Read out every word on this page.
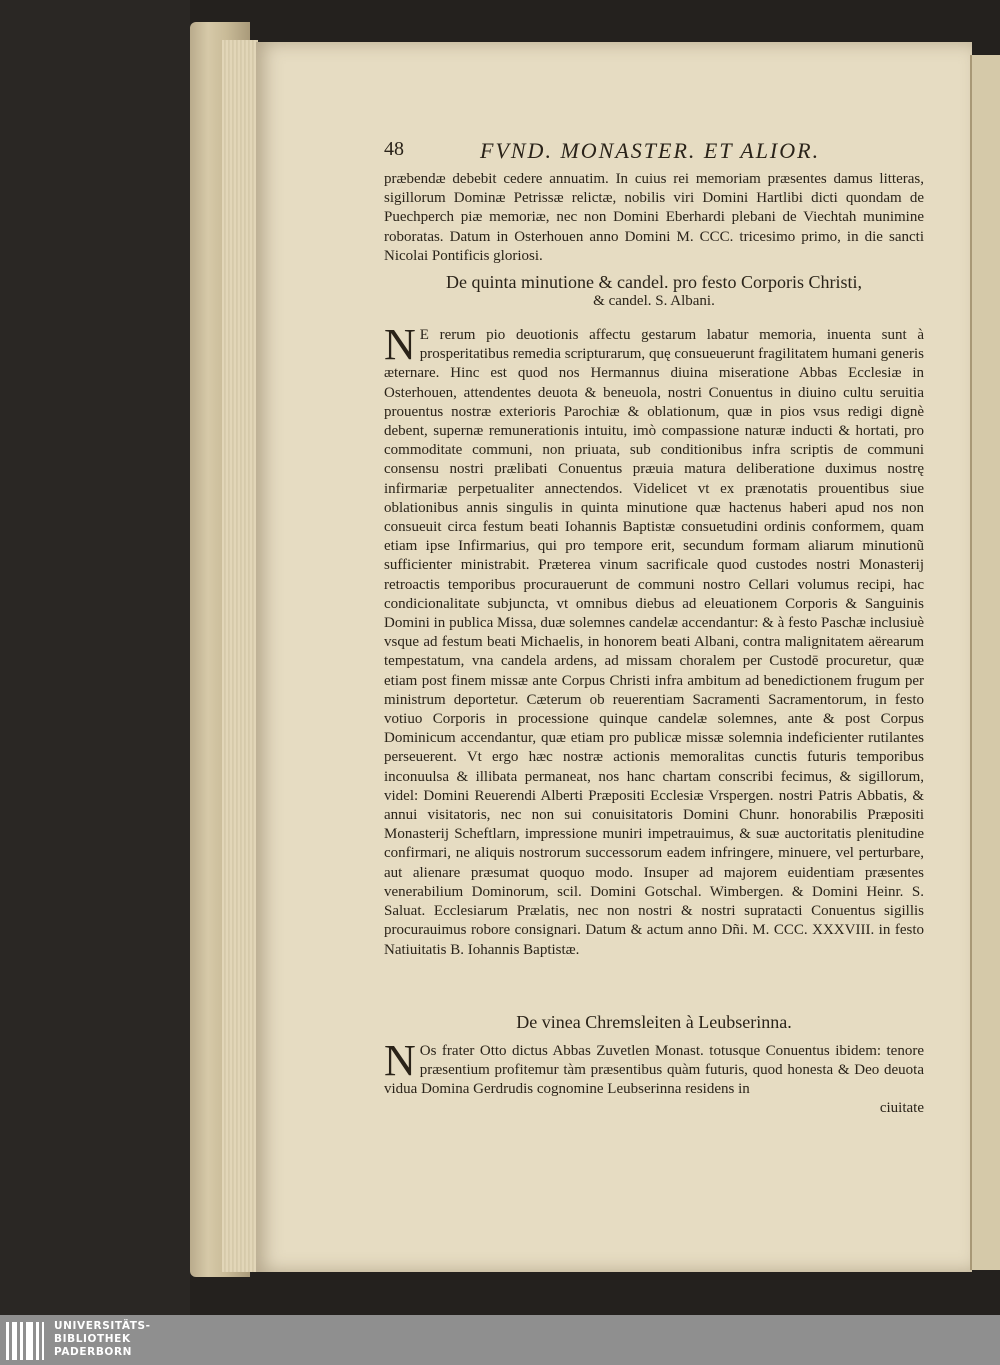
48	FVND. MONASTER. ET ALIOR.

præbendæ debebit cedere annuatim. In cuius rei memoriam præsentes damus litteras, sigillorum Dominæ Petrissæ relictæ, nobilis viri Domini Hartlibi dicti quondam de Puechperch piæ memoriæ, nec non Domini Eberhardi plebani de Viechtah munimine roboratas. Datum in Osterhouen anno Domini M. CCC. tricesimo primo, in die sancti Nicolai Pontificis gloriosi.

De quinta minutione & candel. pro festo Corporis Christi,

& candel. S. Albani.

N E rerum pio deuotionis affectu gestarum labatur memoria, inuenta sunt à prosperitatibus remedia scripturarum, quę consueuerunt fragilitatem humani generis æternare. Hinc est quod nos Hermannus diuina miseratione Abbas Ecclesiæ in Osterhouen, attendentes deuota & beneuola, nostri Conuentus in diuino cultu seruitia prouentus nostræ exterioris Parochiæ & oblationum, quæ in pios vsus redigi dignè debent, supernæ remunerationis intuitu, imò compassione naturæ inducti & hortati, pro commoditate communi, non priuata, sub conditionibus infra scriptis de communi consensu nostri prælibati Conuentus præuia matura deliberatione duximus nostrę infirmariæ perpetualiter annectendos. Videlicet vt ex prænotatis prouentibus siue oblationibus annis singulis in quinta minutione quæ hactenus haberi apud nos non consueuit circa festum beati Iohannis Baptistæ consuetudini ordinis conformem, quam etiam ipse Infirmarius, qui pro tempore erit, secundum formam aliarum minutionũ sufficienter ministrabit. Præterea vinum sacrificale quod custodes nostri Monasterij retroactis temporibus procurauerunt de communi nostro Cellari volumus recipi, hac condicionalitate subjuncta, vt omnibus diebus ad eleuationem Corporis & Sanguinis Domini in publica Missa, duæ solemnes candelæ accendantur: & à festo Paschæ inclusiuè vsque ad festum beati Michaelis, in honorem beati Albani, contra malignitatem aërearum tempestatum, vna candela ardens, ad missam choralem per Custodē procuretur, quæ etiam post finem missæ ante Corpus Christi infra ambitum ad benedictionem frugum per ministrum deportetur. Cæterum ob reuerentiam Sacramenti Sacramentorum, in festo votiuo Corporis in processione quinque candelæ solemnes, ante & post Corpus Dominicum accendantur, quæ etiam pro publicæ missæ solemnia indeficienter rutilantes perseuerent. Vt ergo hæc nostræ actionis memoralitas cunctis futuris temporibus inconuulsa & illibata permaneat, nos hanc chartam conscribi fecimus, & sigillorum, videl: Domini Reuerendi Alberti Præpositi Ecclesiæ Vrspergen. nostri Patris Abbatis, & annui visitatoris, nec non sui conuisitatoris Domini Chunr. honorabilis Præpositi Monasterij Scheftlarn, impressione muniri impetrauimus, & suæ auctoritatis plenitudine confirmari, ne aliquis nostrorum successorum eadem infringere, minuere, vel perturbare, aut alienare præsumat quoquo modo. Insuper ad majorem euidentiam præsentes venerabilium Dominorum, scil. Domini Gotschal. Wimbergen. & Domini Heinr. S. Saluat. Ecclesiarum Prælatis, nec non nostri & nostri supratacti Conuentus sigillis procurauimus robore consignari. Datum & actum anno Dñi. M. CCC. XXXVIII. in festo Natiuitatis B. Iohannis Baptistæ.

De vinea Chremsleiten à Leubserinna.

N Os frater Otto dictus Abbas Zuvetlen Monast. totusque Conuentus ibidem: tenore præsentium profitemur tàm præsentibus quàm futuris, quod honesta & Deo deuota vidua Domina Gerdrudis cognomine Leubserinna residens in

ciuitate
UNIVERSITÄTS-
BIBLIOTHEK
PADERBORN
